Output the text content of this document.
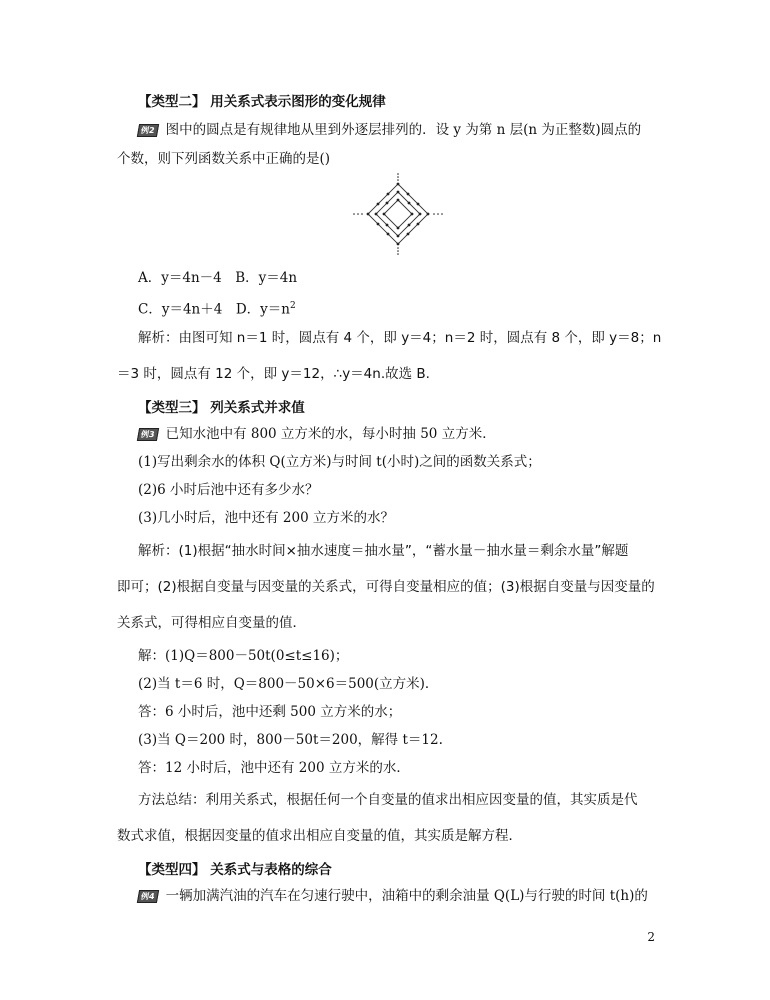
【类型二】 用关系式表示图形的变化规律
例2 图中的圆点是有规律地从里到外逐层排列的．设 y 为第 n 层(n 为正整数)圆点的
个数，则下列函数关系中正确的是()
A．y＝4n－4　B．y＝4n
C．y＝4n＋4　D．$y=n^2$
解析：由图可知 n＝1 时，圆点有 4 个，即 y＝4；n＝2 时，圆点有 8 个，即 y＝8；n
＝3 时，圆点有 12 个，即 y＝12，∴y＝4n.故选 B.
【类型三】 列关系式并求值
例3 已知水池中有 800 立方米的水，每小时抽 50 立方米．
(1)写出剩余水的体积 Q(立方米)与时间 t(小时)之间的函数关系式；
(2)6 小时后池中还有多少水？
(3)几小时后，池中还有 200 立方米的水？
解析：(1)根据“抽水时间×抽水速度＝抽水量”，“蓄水量－抽水量＝剩余水量”解题
即可；(2)根据自变量与因变量的关系式，可得自变量相应的值；(3)根据自变量与因变量的
关系式，可得相应自变量的值．
解：(1)Q＝800－50t(0≤t≤16)；
(2)当 t＝6 时，Q＝800－50×6＝500(立方米)．
答：6 小时后，池中还剩 500 立方米的水；
(3)当 Q＝200 时，800－50t＝200，解得 t＝12.
答：12 小时后，池中还有 200 立方米的水．
方法总结：利用关系式，根据任何一个自变量的值求出相应因变量的值，其实质是代
数式求值，根据因变量的值求出相应自变量的值，其实质是解方程．
【类型四】 关系式与表格的综合
例4 一辆加满汽油的汽车在匀速行驶中，油箱中的剩余油量 Q(L)与行驶的时间 t(h)的
2
